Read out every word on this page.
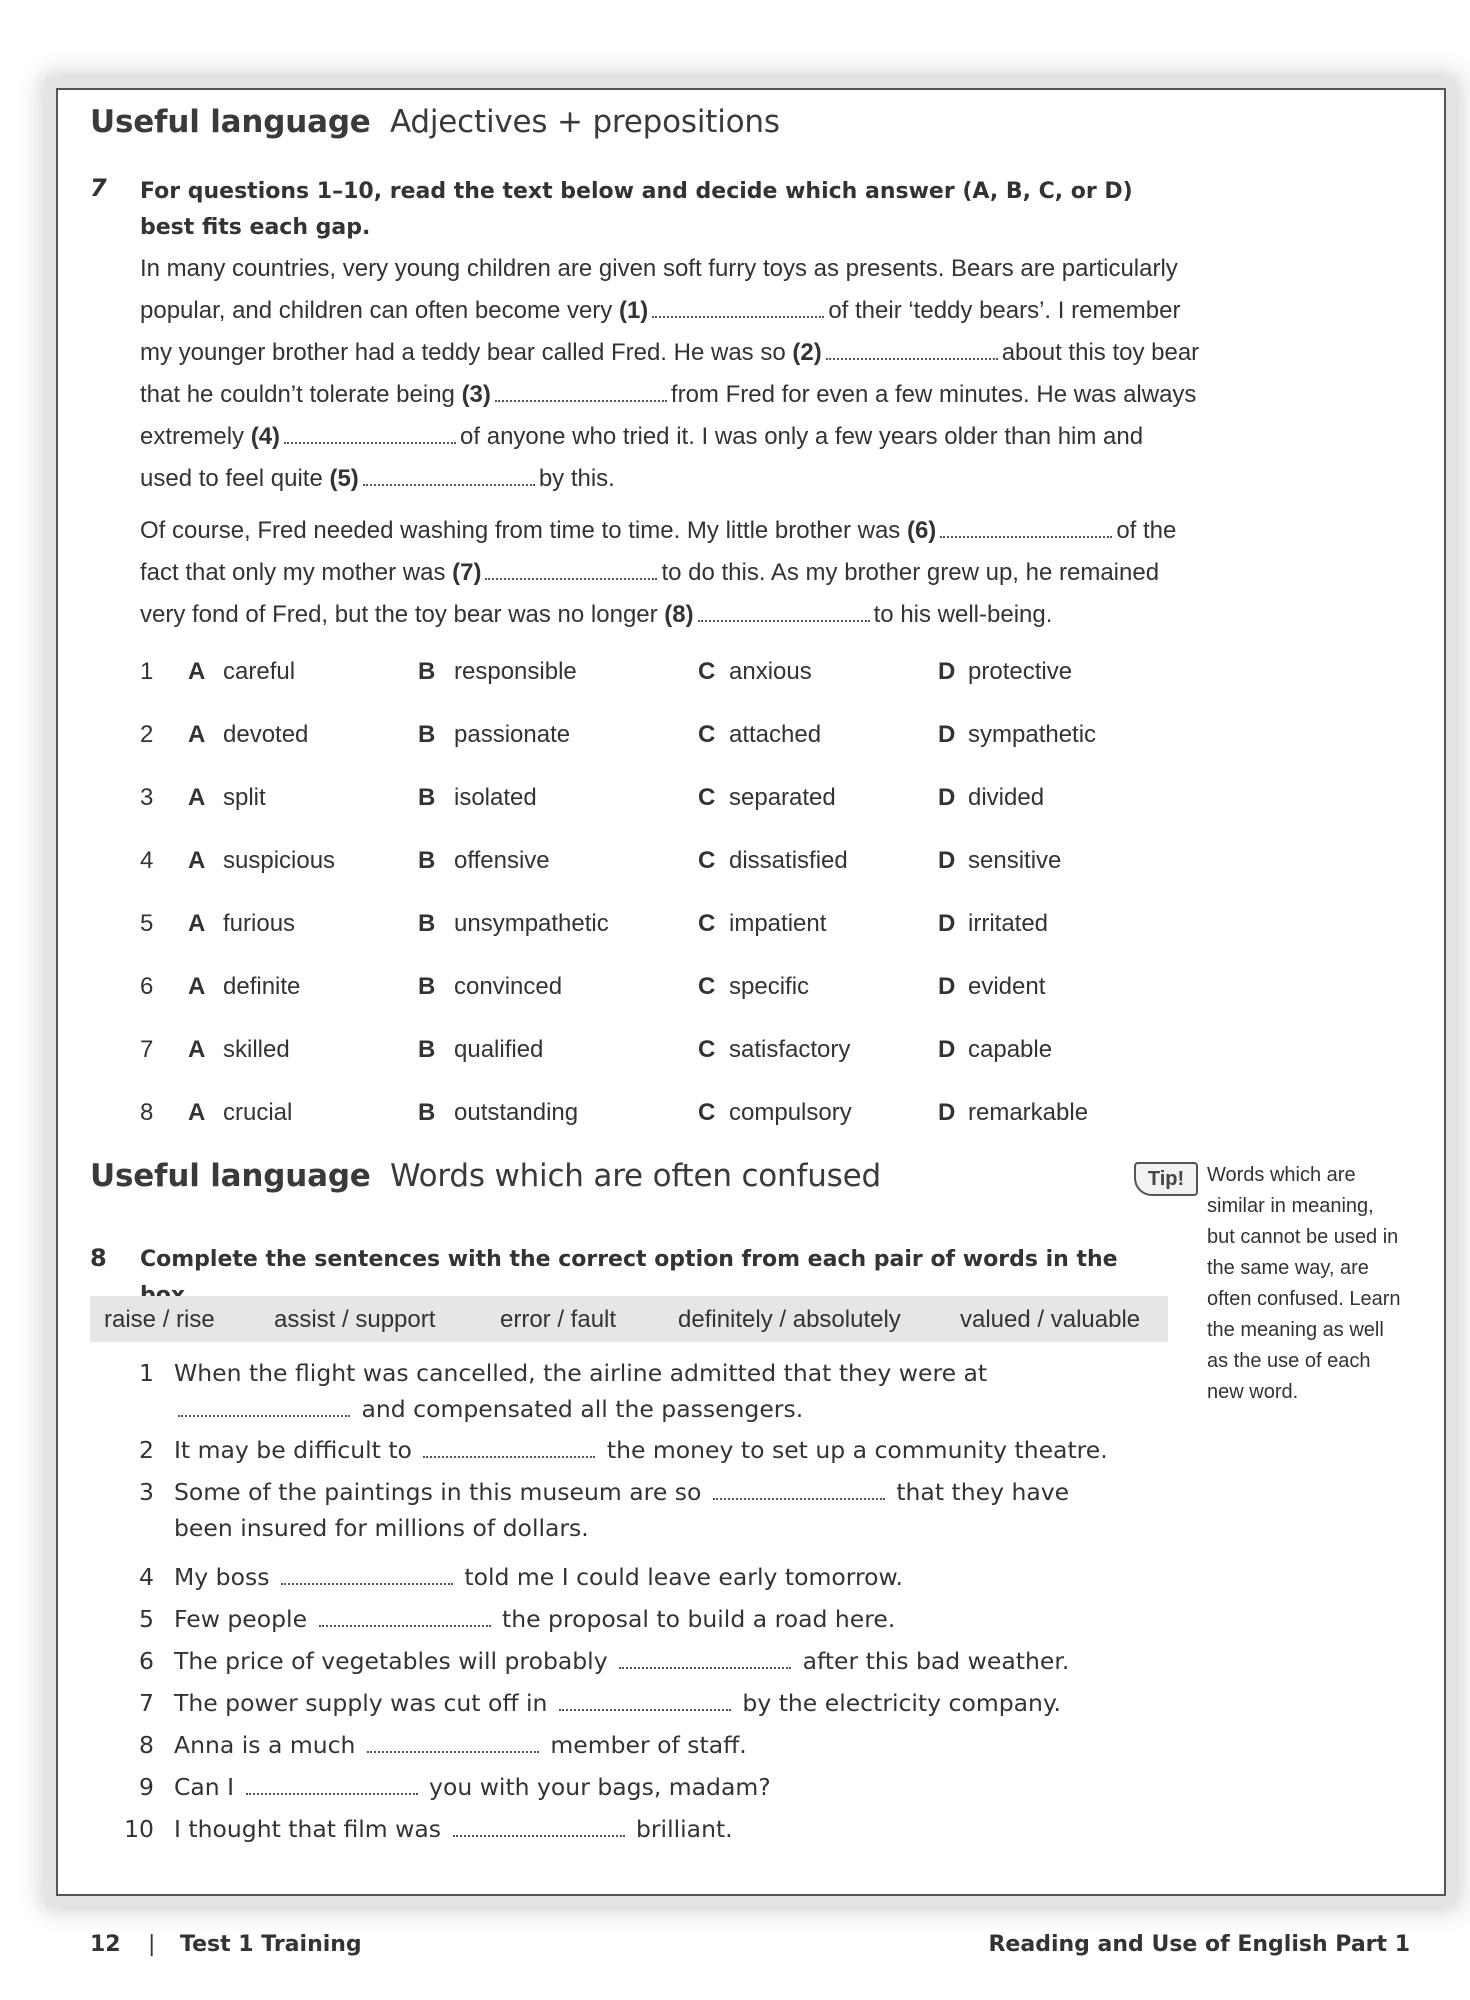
Useful language Adjectives + prepositions
7 For questions 1–10, read the text below and decide which answer (A, B, C, or D) best fits each gap.

In many countries, very young children are given soft furry toys as presents. Bears are particularly popular, and children can often become very (1)	of their ‘teddy bears’. I remember my younger brother had a teddy bear called Fred. He was so (2)	about this toy bear that he couldn’t tolerate being (3)	from Fred for even a few minutes. He was always extremely (4)	of anyone who tried it. I was only a few years older than him and used to feel quite (5)	by this.

Of course, Fred needed washing from time to time. My little brother was (6)	of the fact that only my mother was (7)	to do this. As my brother grew up, he remained very fond of Fred, but the toy bear was no longer (8)	to his well-being.

1 A careful	B responsible	C anxious	D protective
2 A devoted	B passionate	C attached	D sympathetic
3 A split	B isolated	C separated	D divided
4 A suspicious	B offensive	C dissatisfied	D sensitive
5 A furious	B unsympathetic	C impatient	D irritated
6 A definite	B convinced	C specific	D evident
7 A skilled	B qualified	C satisfactory	D capable
8 A crucial	B outstanding	C compulsory	D remarkable
Useful language Words which are often confused
8 Complete the sentences with the correct option from each pair of words in the

raise / rise assist / support	error / fault	definitely / absolutely valued / valuable
1 When the flight was cancelled, the airline admitted that they were at  and compensated all the passengers.
2 It may be difficult to	the money to set up a community theatre.
3 Some of the paintings in this museum are so	that they have been insured for millions of dollars.
4 My boss	told me I could leave early tomorrow.
5 Few people	the proposal to build a road here.
6 The price of vegetables will probably	after this bad weather.
7 The power supply was cut off in	by the electricity company.
8 Anna is a much	member of staff.
9 Can I	you with your bags, madam?
10 I thought that film was	brilliant.
Tip!	Words which are similar in meaning, but cannot be used in the same way, are often confused. Learn the meaning as well as the use of each new word.

12 | Test 1 Training	Reading and Use of English Part 1
